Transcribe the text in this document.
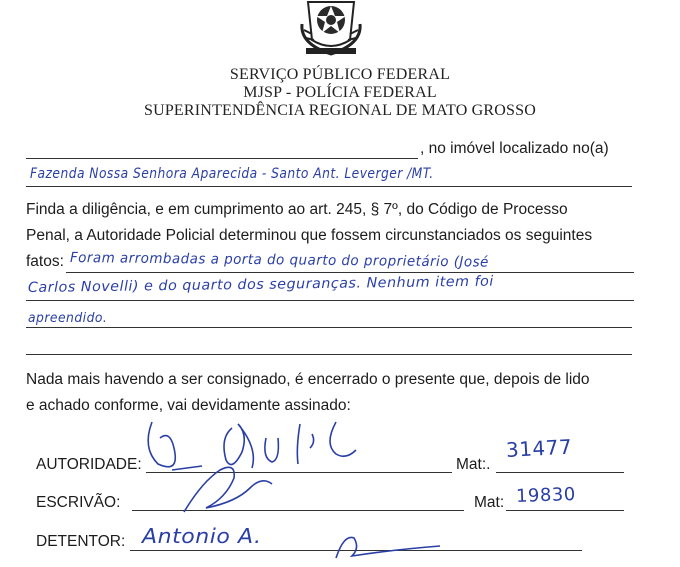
SERVIÇO PÚBLICO FEDERAL
MJSP - POLÍCIA FEDERAL
SUPERINTENDÊNCIA REGIONAL DE MATO GROSSO
, no imóvel localizado no(a)
Fazenda Nossa Senhora Aparecida - Santo Ant. Leverger /MT.
Finda a diligência, e em cumprimento ao art. 245, § 7º, do Código de Processo
Penal, a Autoridade Policial determinou que fossem circunstanciados os seguintes
fatos: Foram arrombadas a porta do quarto do proprietário (José
Carlos Novelli) e do quarto dos seguranças. Nenhum item foi
apreendido.
Nada mais havendo a ser consignado, é encerrado o presente que, depois de lido
e achado conforme, vai devidamente assinado:
AUTORIDADE:	Mat:.
31477
ESCRIVÃO:	Mat: 19830
DETENTOR: Antonio A.
